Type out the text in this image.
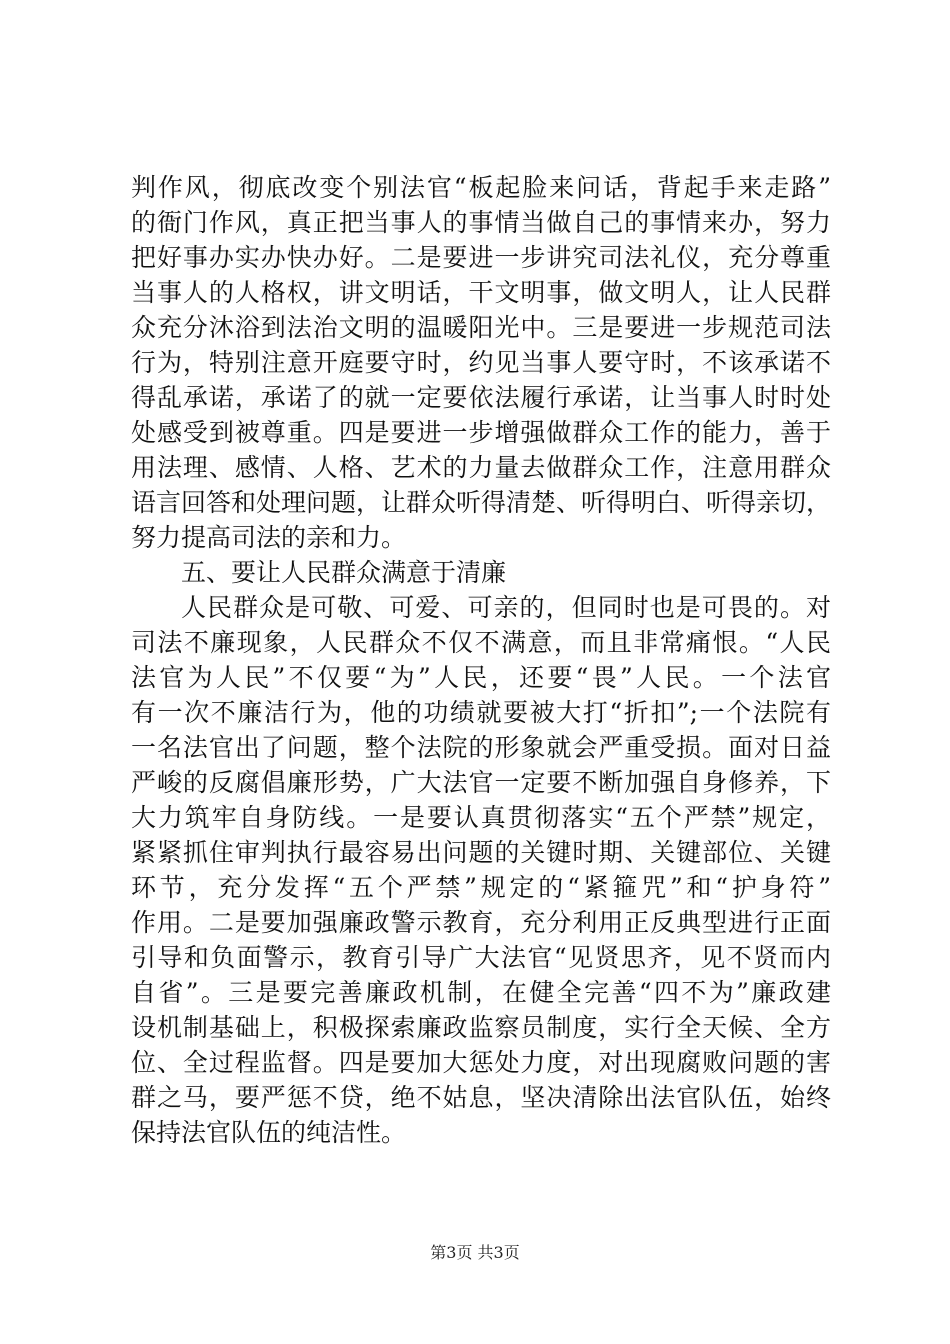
判作风，彻底改变个别法官“板起脸来问话，背起手来走路”
的衙门作风，真正把当事人的事情当做自己的事情来办，努力
把好事办实办快办好。二是要进一步讲究司法礼仪，充分尊重
当事人的人格权，讲文明话，干文明事，做文明人，让人民群
众充分沐浴到法治文明的温暖阳光中。三是要进一步规范司法
行为，特别注意开庭要守时，约见当事人要守时，不该承诺不
得乱承诺，承诺了的就一定要依法履行承诺，让当事人时时处
处感受到被尊重。四是要进一步增强做群众工作的能力，善于
用法理、感情、人格、艺术的力量去做群众工作，注意用群众
语言回答和处理问题，让群众听得清楚、听得明白、听得亲切，
努力提高司法的亲和力。
五、要让人民群众满意于清廉
人民群众是可敬、可爱、可亲的，但同时也是可畏的。对
司法不廉现象，人民群众不仅不满意，而且非常痛恨。“人民
法官为人民”不仅要“为”人民，还要“畏”人民。一个法官
有一次不廉洁行为，他的功绩就要被大打“折扣”;一个法院有
一名法官出了问题，整个法院的形象就会严重受损。面对日益
严峻的反腐倡廉形势，广大法官一定要不断加强自身修养，下
大力筑牢自身防线。一是要认真贯彻落实“五个严禁”规定，
紧紧抓住审判执行最容易出问题的关键时期、关键部位、关键
环节，充分发挥“五个严禁”规定的“紧箍咒”和“护身符”
作用。二是要加强廉政警示教育，充分利用正反典型进行正面
引导和负面警示，教育引导广大法官“见贤思齐，见不贤而内
自省”。三是要完善廉政机制，在健全完善“四不为”廉政建
设机制基础上，积极探索廉政监察员制度，实行全天候、全方
位、全过程监督。四是要加大惩处力度，对出现腐败问题的害
群之马，要严惩不贷，绝不姑息，坚决清除出法官队伍，始终
保持法官队伍的纯洁性。
第3页 共3页
